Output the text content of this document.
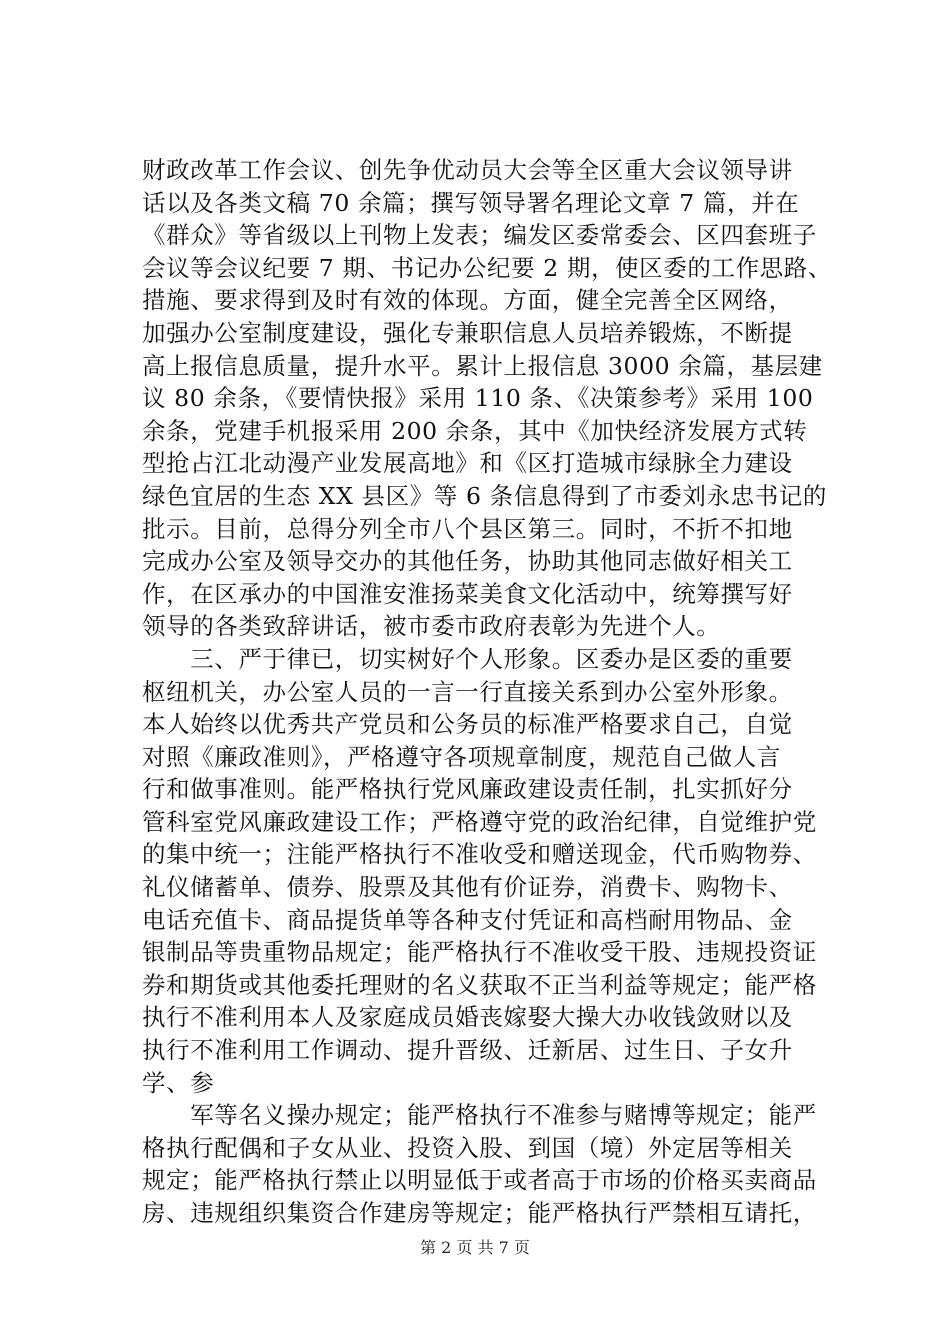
财政改革工作会议、创先争优动员大会等全区重大会议领导讲
话以及各类文稿 70 余篇；撰写领导署名理论文章 7 篇，并在
《群众》等省级以上刊物上发表；编发区委常委会、区四套班子
会议等会议纪要 7 期、书记办公纪要 2 期，使区委的工作思路、
措施、要求得到及时有效的体现。方面，健全完善全区网络，
加强办公室制度建设，强化专兼职信息人员培养锻炼，不断提
高上报信息质量，提升水平。累计上报信息 3000 余篇，基层建
议 80 余条，《要情快报》采用 110 条、《决策参考》采用 100
余条，党建手机报采用 200 余条，其中《加快经济发展方式转
型抢占江北动漫产业发展高地》和《区打造城市绿脉全力建设
绿色宜居的生态 XX 县区》等 6 条信息得到了市委刘永忠书记的
批示。目前，总得分列全市八个县区第三。同时，不折不扣地
完成办公室及领导交办的其他任务，协助其他同志做好相关工
作，在区承办的中国淮安淮扬菜美食文化活动中，统筹撰写好
领导的各类致辞讲话，被市委市政府表彰为先进个人。
　　三、严于律已，切实树好个人形象。区委办是区委的重要
枢纽机关，办公室人员的一言一行直接关系到办公室外形象。
本人始终以优秀共产党员和公务员的标准严格要求自己，自觉
对照《廉政准则》，严格遵守各项规章制度，规范自己做人言
行和做事准则。能严格执行党风廉政建设责任制，扎实抓好分
管科室党风廉政建设工作；严格遵守党的政治纪律，自觉维护党
的集中统一；注能严格执行不准收受和赠送现金，代币购物券、
礼仪储蓄单、债券、股票及其他有价证券，消费卡、购物卡、
电话充值卡、商品提货单等各种支付凭证和高档耐用物品、金
银制品等贵重物品规定；能严格执行不准收受干股、违规投资证
券和期货或其他委托理财的名义获取不正当利益等规定；能严格
执行不准利用本人及家庭成员婚丧嫁娶大操大办收钱敛财以及
执行不准利用工作调动、提升晋级、迁新居、过生日、子女升
学、参
　　军等名义操办规定；能严格执行不准参与赌博等规定；能严
格执行配偶和子女从业、投资入股、到国（境）外定居等相关
规定；能严格执行禁止以明显低于或者高于市场的价格买卖商品
房、违规组织集资合作建房等规定；能严格执行严禁相互请托，
第 2 页 共 7 页
